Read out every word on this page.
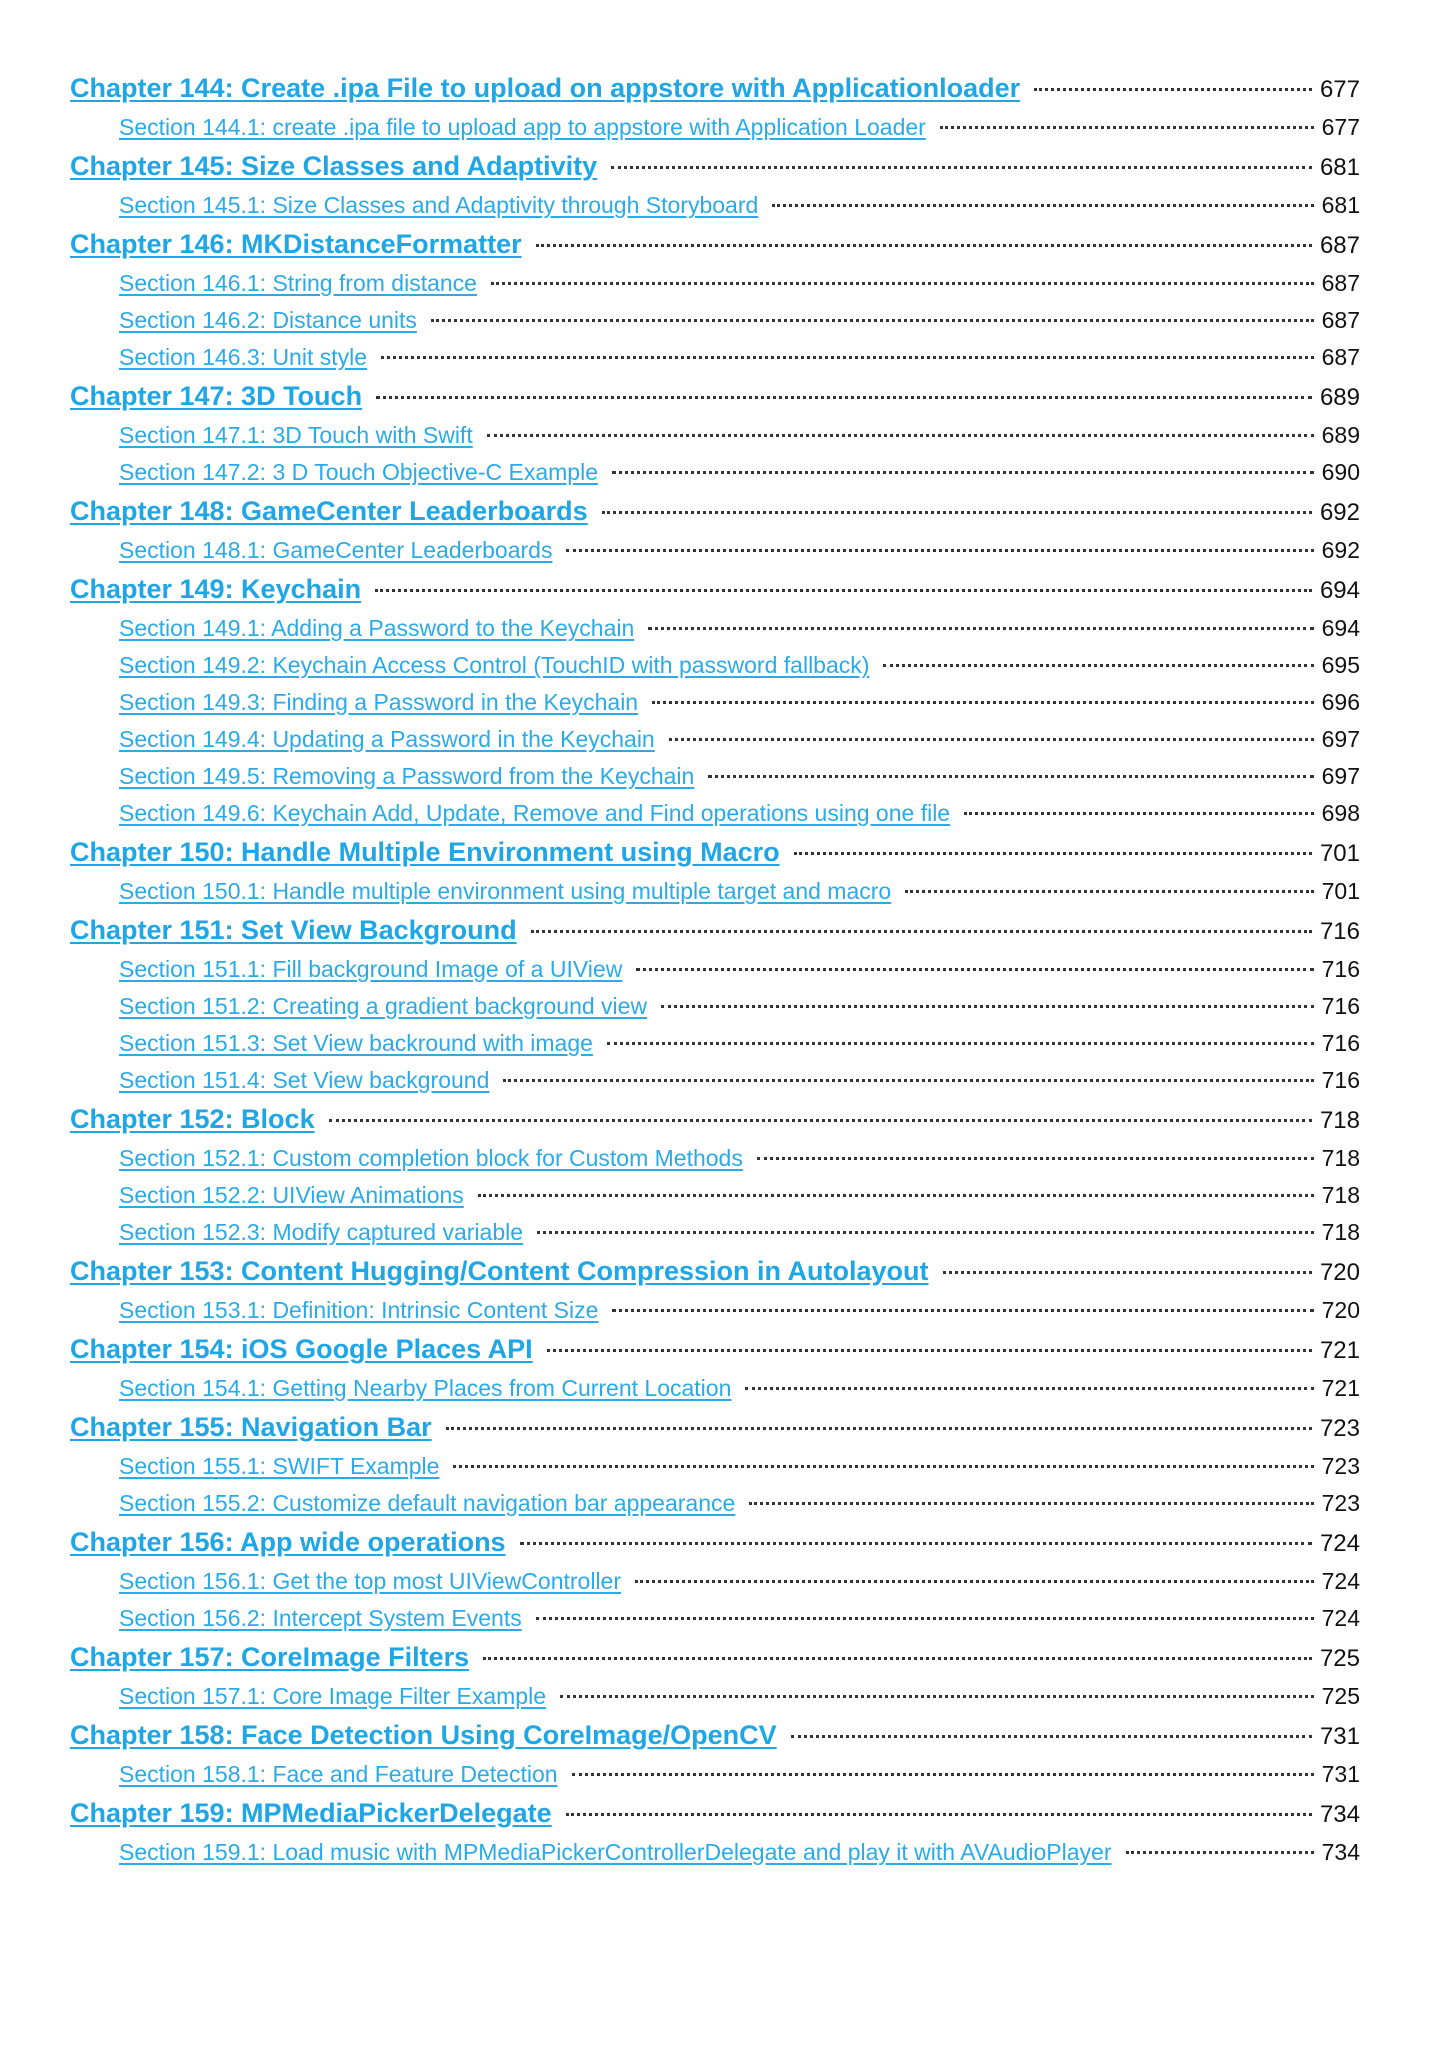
Chapter 144: Create .ipa File to upload on appstore with Applicationloader	677
Section 144.1: create .ipa file to upload app to appstore with Application Loader	677
Chapter 145: Size Classes and Adaptivity	681
Section 145.1: Size Classes and Adaptivity through Storyboard	681
Chapter 146: MKDistanceFormatter	687
Section 146.1: String from distance	687
Section 146.2: Distance units	687
Section 146.3: Unit style	687
Chapter 147: 3D Touch	689
Section 147.1: 3D Touch with Swift	689
Section 147.2: 3 D Touch Objective-C Example	690
Chapter 148: GameCenter Leaderboards	692
Section 148.1: GameCenter Leaderboards	692
Chapter 149: Keychain	694
Section 149.1: Adding a Password to the Keychain	694
Section 149.2: Keychain Access Control (TouchID with password fallback)	695
Section 149.3: Finding a Password in the Keychain	696
Section 149.4: Updating a Password in the Keychain	697
Section 149.5: Removing a Password from the Keychain	697
Section 149.6: Keychain Add, Update, Remove and Find operations using one file	698
Chapter 150: Handle Multiple Environment using Macro	701
Section 150.1: Handle multiple environment using multiple target and macro	701
Chapter 151: Set View Background	716
Section 151.1: Fill background Image of a UIView	716
Section 151.2: Creating a gradient background view	716
Section 151.3: Set View backround with image	716
Section 151.4: Set View background	716
Chapter 152: Block	718
Section 152.1: Custom completion block for Custom Methods	718
Section 152.2: UIView Animations	718
Section 152.3: Modify captured variable	718
Chapter 153: Content Hugging/Content Compression in Autolayout	720
Section 153.1: Definition: Intrinsic Content Size	720
Chapter 154: iOS Google Places API	721
Section 154.1: Getting Nearby Places from Current Location	721
Chapter 155: Navigation Bar	723
Section 155.1: SWIFT Example	723
Section 155.2: Customize default navigation bar appearance	723
Chapter 156: App wide operations	724
Section 156.1: Get the top most UIViewController	724
Section 156.2: Intercept System Events	724
Chapter 157: CoreImage Filters	725
Section 157.1: Core Image Filter Example	725
Chapter 158: Face Detection Using CoreImage/OpenCV	731
Section 158.1: Face and Feature Detection	731
Chapter 159: MPMediaPickerDelegate	734
Section 159.1: Load music with MPMediaPickerControllerDelegate and play it with AVAudioPlayer	734
